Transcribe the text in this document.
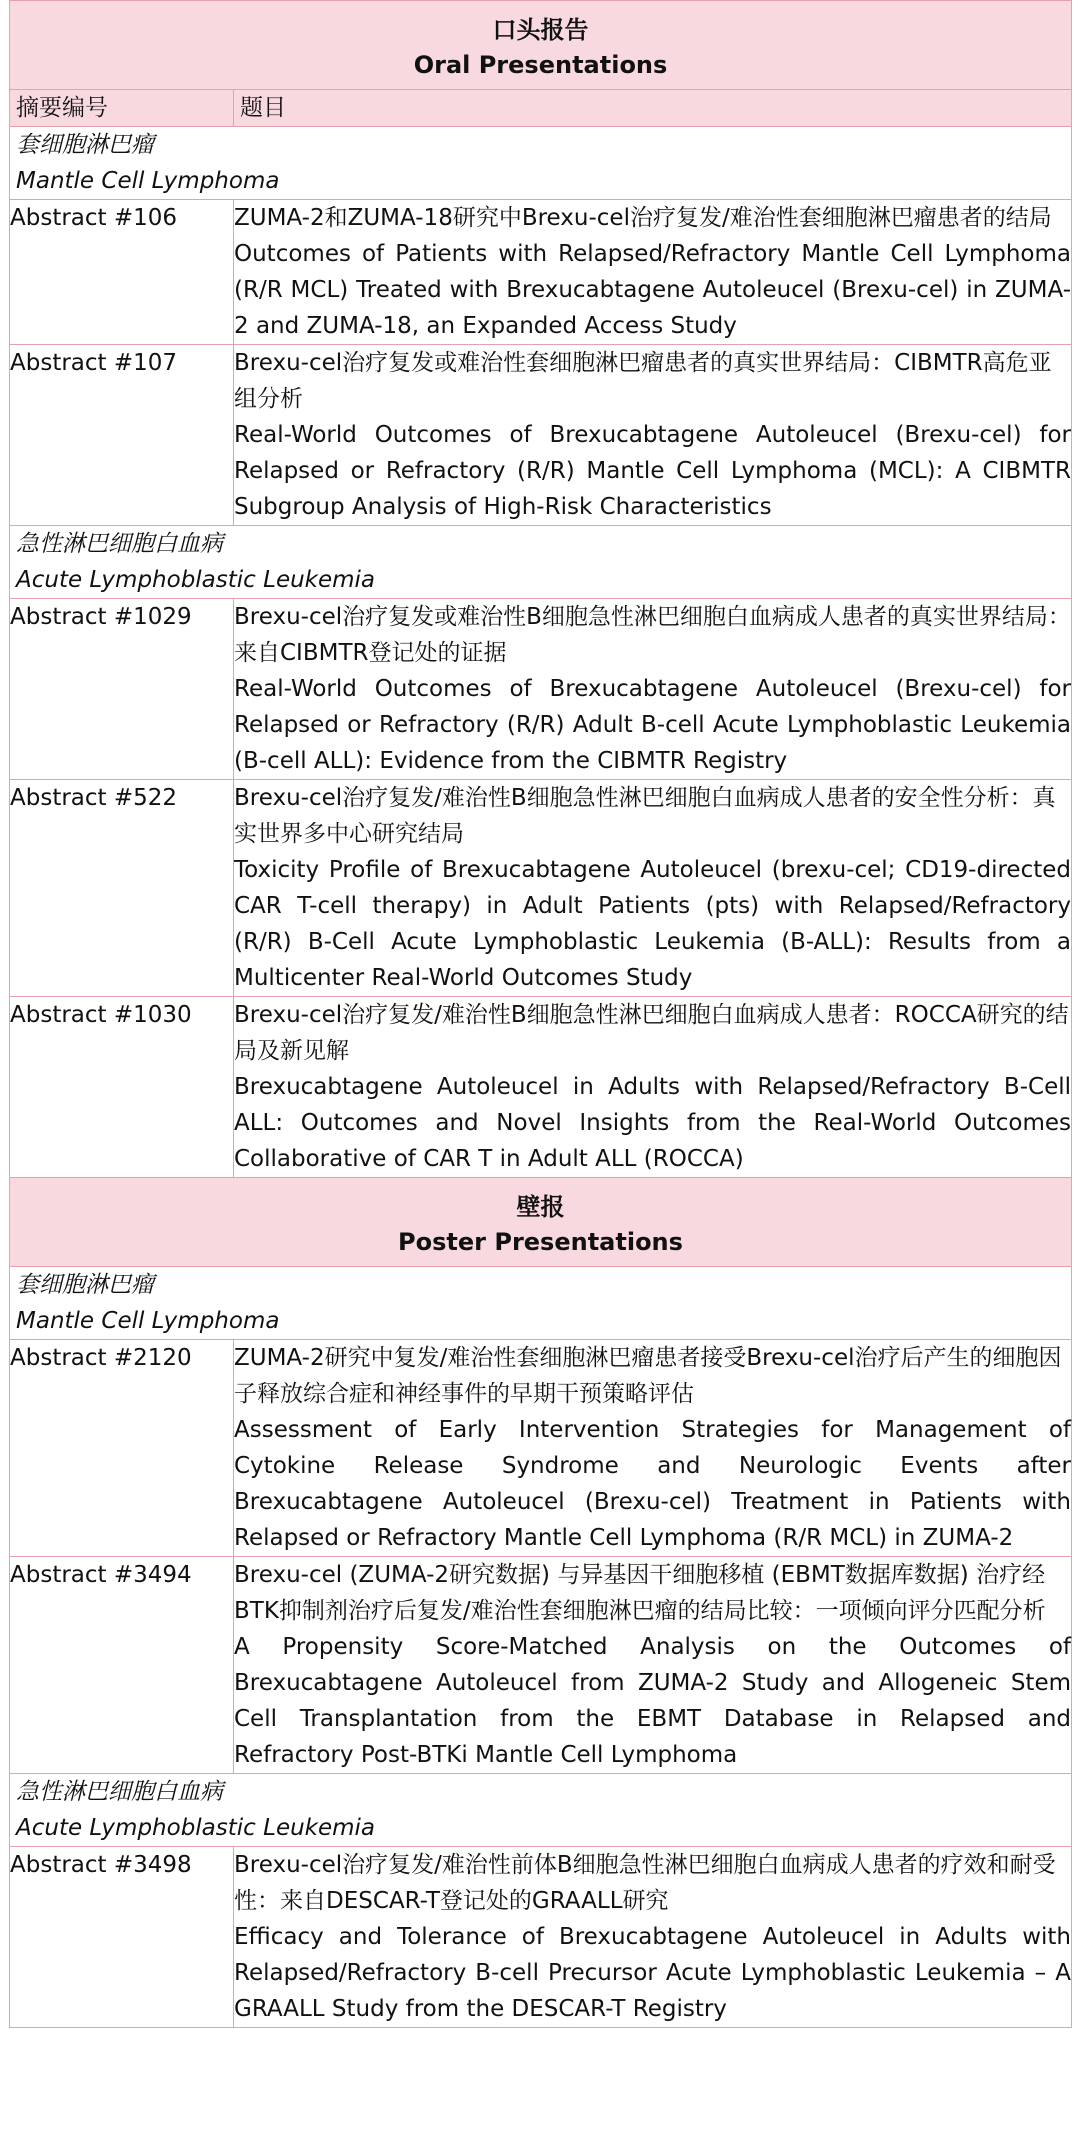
口头报告
Oral Presentations	

摘要编号	题目

套细胞淋巴瘤
Mantle Cell Lymphoma	

Abstract #106	ZUMA-2和ZUMA-18研究中Brexu-cel治疗复发/难治性套细胞淋巴瘤患者的结局

Outcomes of Patients with Relapsed/Refractory Mantle Cell Lymphoma (R/R MCL) Treated with Brexucabtagene Autoleucel (Brexu-cel) in ZUMA-2 and ZUMA-18, an Expanded Access Study

Abstract #107	Brexu-cel治疗复发或难治性套细胞淋巴瘤患者的真实世界结局：CIBMTR高危亚组分析

Real-World Outcomes of Brexucabtagene Autoleucel (Brexu-cel) for Relapsed or Refractory (R/R) Mantle Cell Lymphoma (MCL): A CIBMTR Subgroup Analysis of High-Risk Characteristics

急性淋巴细胞白血病
Acute Lymphoblastic Leukemia	

Abstract #1029	Brexu-cel治疗复发或难治性B细胞急性淋巴细胞白血病成人患者的真实世界结局：来自CIBMTR登记处的证据

Real-World Outcomes of Brexucabtagene Autoleucel (Brexu-cel) for Relapsed or Refractory (R/R) Adult B-cell Acute Lymphoblastic Leukemia (B-cell ALL): Evidence from the CIBMTR Registry

Abstract #522	Brexu-cel治疗复发/难治性B细胞急性淋巴细胞白血病成人患者的安全性分析：真实世界多中心研究结局

Toxicity Profile of Brexucabtagene Autoleucel (brexu-cel; CD19-directed CAR T-cell therapy) in Adult Patients (pts) with Relapsed/Refractory (R/R) B-Cell Acute Lymphoblastic Leukemia (B-ALL): Results from a Multicenter Real-World Outcomes Study

Abstract #1030	Brexu-cel治疗复发/难治性B细胞急性淋巴细胞白血病成人患者：ROCCA研究的结局及新见解

Brexucabtagene Autoleucel in Adults with Relapsed/Refractory B-Cell ALL: Outcomes and Novel Insights from the Real-World Outcomes Collaborative of CAR T in Adult ALL (ROCCA)

壁报
Poster Presentations	

套细胞淋巴瘤
Mantle Cell Lymphoma	

Abstract #2120	ZUMA-2研究中复发/难治性套细胞淋巴瘤患者接受Brexu-cel治疗后产生的细胞因子释放综合症和神经事件的早期干预策略评估

Assessment of Early Intervention Strategies for Management of Cytokine Release Syndrome and Neurologic Events after Brexucabtagene Autoleucel (Brexu-cel) Treatment in Patients with Relapsed or Refractory Mantle Cell Lymphoma (R/R MCL) in ZUMA-2

Abstract #3494	Brexu-cel (ZUMA-2研究数据) 与异基因干细胞移植 (EBMT数据库数据) 治疗经BTK抑制剂治疗后复发/难治性套细胞淋巴瘤的结局比较：一项倾向评分匹配分析

A Propensity Score-Matched Analysis on the Outcomes of Brexucabtagene Autoleucel from ZUMA-2 Study and Allogeneic Stem Cell Transplantation from the EBMT Database in Relapsed and Refractory Post-BTKi Mantle Cell Lymphoma

急性淋巴细胞白血病
Acute Lymphoblastic Leukemia	

Abstract #3498	Brexu-cel治疗复发/难治性前体B细胞急性淋巴细胞白血病成人患者的疗效和耐受性：来自DESCAR-T登记处的GRAALL研究

Efficacy and Tolerance of Brexucabtagene Autoleucel in Adults with Relapsed/Refractory B-cell Precursor Acute Lymphoblastic Leukemia – A GRAALL Study from the DESCAR-T Registry
